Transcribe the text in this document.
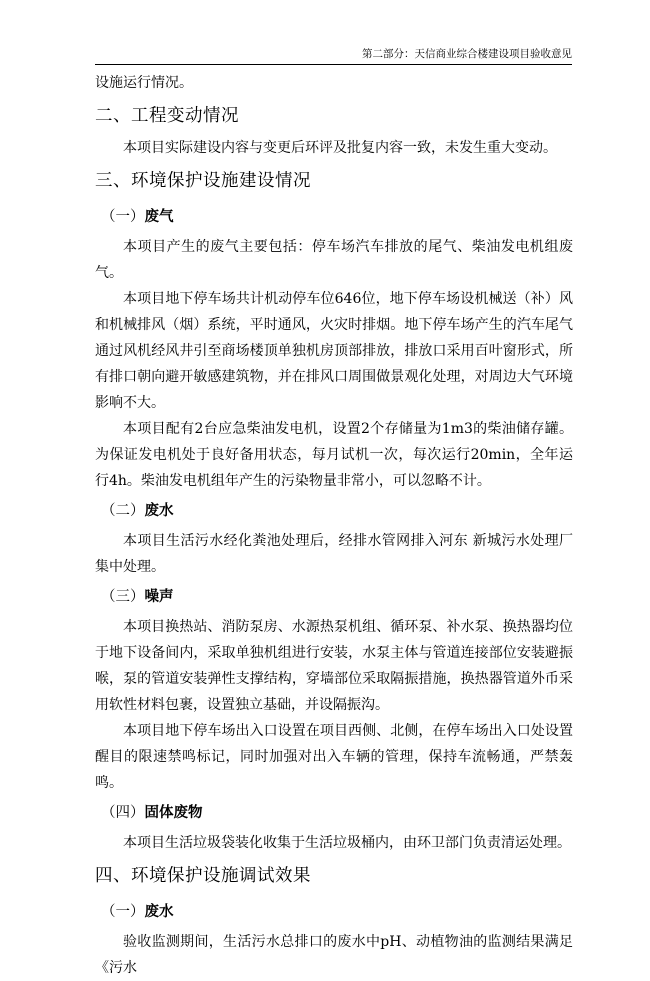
第二部分：天信商业综合楼建设项目验收意见

设施运行情况。

二、工程变动情况

本项目实际建设内容与变更后环评及批复内容一致，未发生重大变动。

三、环境保护设施建设情况
（一）废气

本项目产生的废气主要包括：停车场汽车排放的尾气、柴油发电机组废气。

本项目地下停车场共计机动停车位646位，地下停车场设机械送（补）风和机械排风（烟）系统，平时通风，火灾时排烟。地下停车场产生的汽车尾气通过风机经风井引至商场楼顶单独机房顶部排放，排放口采用百叶窗形式，所有排口朝向避开敏感建筑物，并在排风口周围做景观化处理，对周边大气环境影响不大。

本项目配有2台应急柴油发电机，设置2个存储量为1m3的柴油储存罐。为保证发电机处于良好备用状态，每月试机一次，每次运行20min，全年运行4h。柴油发电机组年产生的污染物量非常小，可以忽略不计。

（二）废水

本项目生活污水经化粪池处理后，经排水管网排入河东 新城污水处理厂集中处理。

（三）噪声

本项目换热站、消防泵房、水源热泵机组、循环泵、补水泵、换热器均位于地下设备间内，采取单独机组进行安装，水泵主体与管道连接部位安装避振喉，泵的管道安装弹性支撑结构，穿墙部位采取隔振措施，换热器管道外币采用软性材料包裹，设置独立基础，并设隔振沟。

本项目地下停车场出入口设置在项目西侧、北侧，在停车场出入口处设置醒目的限速禁鸣标记，同时加强对出入车辆的管理，保持车流畅通，严禁轰鸣。

（四）固体废物

本项目生活垃圾袋装化收集于生活垃圾桶内，由环卫部门负责清运处理。

四、环境保护设施调试效果
（一）废水

验收监测期间，生活污水总排口的废水中pH、动植物油的监测结果满足《污水
